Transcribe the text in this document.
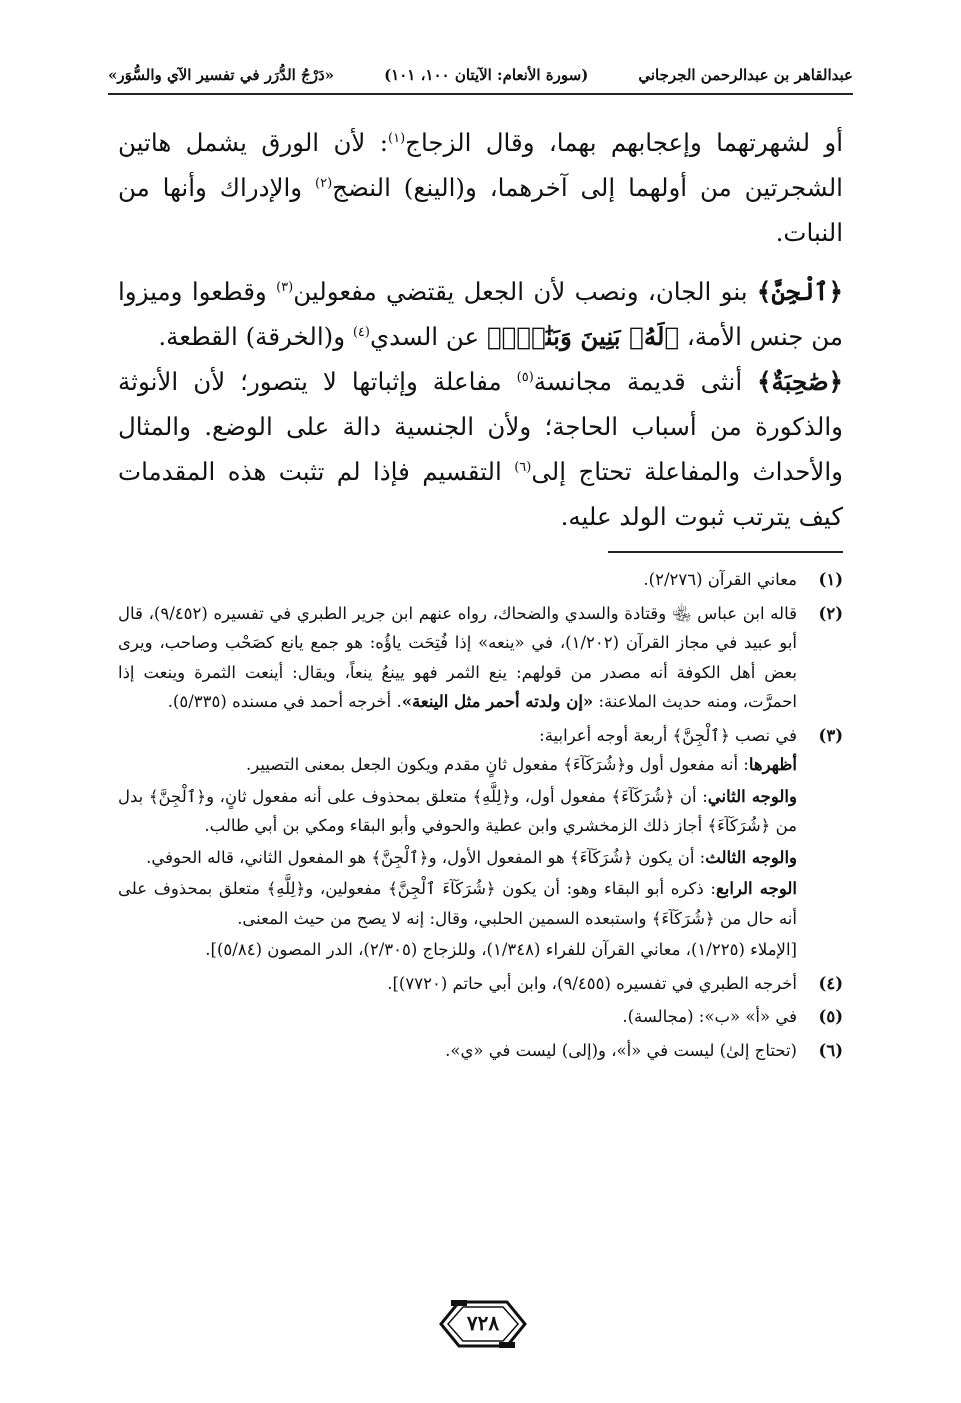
عبدالقاهر بن عبدالرحمن الجرجاني
(سورة الأنعام: الآيتان ١٠٠، ١٠١)
«دَرْجُ الدُّرَر في تفسير الآي والسُّوَر»

أو لشهرتهما وإعجابهم بهما، وقال الزجاج$^{(١)}$: لأن الورق يشمل هاتين الشجرتين من أولهما إلى آخرهما، و(الينع) النضج$^{(٢)}$ والإدراك وأنها من النبات.

﴿ٱلْجِنَّ﴾ بنو الجان، ونصب لأن الجعل يقتضي مفعولين$^{(٣)}$ وقطعوا وميزوا من جنس الأمة، ﴿لَهُۥ بَنِينَ وَبَنَٰتٍۭ﴾ عن السدي$^{(٤)}$ و(الخرقة) القطعة.

﴿صَٰحِبَةٌ﴾ أنثى قديمة مجانسة$^{(٥)}$ مفاعلة وإثباتها لا يتصور؛ لأن الأنوثة والذكورة من أسباب الحاجة؛ ولأن الجنسية دالة على الوضع. والمثال والأحداث والمفاعلة تحتاج إلى$^{(٦)}$ التقسيم فإذا لم تثبت هذه المقدمات كيف يترتب ثبوت الولد عليه.

(١)
معاني القرآن (٢/٢٧٦).
(٢)
قاله ابن عباس ﵄ وقتادة والسدي والضحاك، رواه عنهم ابن جرير الطبري في تفسيره (٩/٤٥٢)، قال أبو عبيد في مجاز القرآن (١/٢٠٢)، في «ينعه» إذا فُتِحَت ياؤُه: هو جمع يانع كصَحْب وصاحب، ويرى بعض أهل الكوفة أنه مصدر من قولهم: ينع الثمر فهو يينعُ ينعاً، ويقال: أينعت الثمرة وينعت إذا احمرَّت، ومنه حديث الملاعنة: «إن ولدته أحمر مثل الينعة». أخرجه أحمد في مسنده (٥/٣٣٥).
(٣)

في نصب ﴿ٱلْجِنَّ﴾ أربعة أوجه أعرابية:

أظهرها: أنه مفعول أول و﴿شُرَكَآءَ﴾ مفعول ثانٍ مقدم ويكون الجعل بمعنى التصيير.

والوجه الثاني: أن ﴿شُرَكَآءَ﴾ مفعول أول، و﴿لِلَّهِ﴾ متعلق بمحذوف على أنه مفعول ثانٍ، و﴿ٱلْجِنَّ﴾ بدل من ﴿شُرَكَآءَ﴾ أجاز ذلك الزمخشري وابن عطية والحوفي وأبو البقاء ومكي بن أبي طالب.

والوجه الثالث: أن يكون ﴿شُرَكَآءَ﴾ هو المفعول الأول، و﴿ٱلْجِنَّ﴾ هو المفعول الثاني، قاله الحوفي.

الوجه الرابع: ذكره أبو البقاء وهو: أن يكون ﴿شُرَكَآءَ ٱلْجِنَّ﴾ مفعولين، و﴿لِلَّهِ﴾ متعلق بمحذوف على أنه حال من ﴿شُرَكَآءَ﴾ واستبعده السمين الحلبي، وقال: إنه لا يصح من حيث المعنى.

[الإملاء (١/٢٢٥)، معاني القرآن للفراء (١/٣٤٨)، وللزجاج (٢/٣٠٥)، الدر المصون (٥/٨٤)].

(٤)
أخرجه الطبري في تفسيره (٩/٤٥٥)، وابن أبي حاتم (٧٧٢٠)].
(٥)
في «أ» «ب»: (مجالسة).
(٦)
(تحتاج إلىٰ) ليست في «أ»، و(إلى) ليست في «ي».
٧٢٨
